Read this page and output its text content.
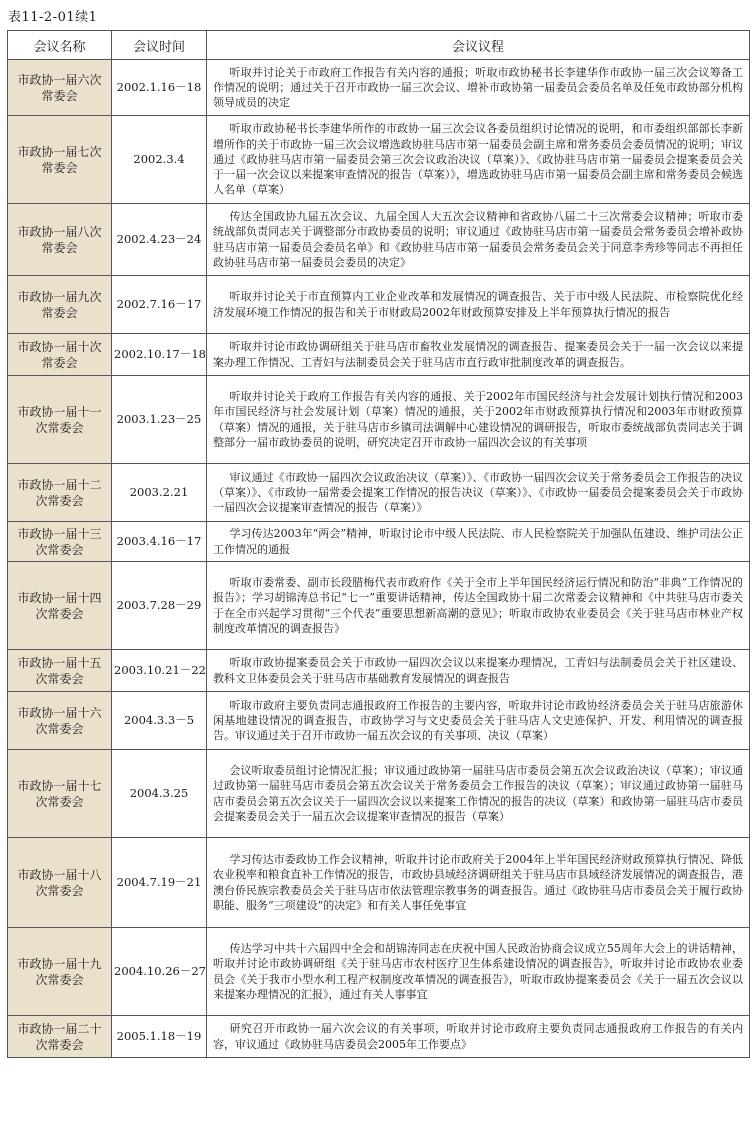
表11-2-01续1
会议名称	会议时间	会议议程
市政协一届六次常委会	2002.1.16－18	听取并讨论关于市政府工作报告有关内容的通报；听取市政协秘书长李建华作市政协一届三次会议筹备工作情况的说明；通过关于召开市政协一届三次会议、增补市政协第一届委员会委员名单及任免市政协部分机构领导成员的决定
市政协一届七次常委会	2002.3.4	听取市政协秘书长李建华所作的市政协一届三次会议各委员组织讨论情况的说明，和市委组织部部长李新增所作的关于市政协一届三次会议增选政协驻马店市第一届委员会副主席和常务委员会委员情况的说明；审议通过《政协驻马店市第一届委员会第三次会议政治决议（草案）》、《政协驻马店市第一届委员会提案委员会关于一届一次会议以来提案审查情况的报告（草案）》，增选政协驻马店市第一届委员会副主席和常务委员会候选人名单（草案）
市政协一届八次常委会	2002.4.23－24	传达全国政协九届五次会议、九届全国人大五次会议精神和省政协八届二十三次常委会议精神；听取市委统战部负责同志关于调整部分市政协委员的说明；审议通过《政协驻马店市第一届委员会常务委员会增补政协驻马店市第一届委员会委员名单》和《政协驻马店市第一届委员会常务委员会关于同意李秀珍等同志不再担任政协驻马店市第一届委员会委员的决定》
市政协一届九次常委会	2002.7.16－17	听取并讨论关于市直预算内工业企业改革和发展情况的调查报告、关于市中级人民法院、市检察院优化经济发展环境工作情况的报告和关于市财政局2002年财政预算安排及上半年预算执行情况的报告
市政协一届十次常委会	2002.10.17－18	听取并讨论市政协调研组关于驻马店市畜牧业发展情况的调查报告、提案委员会关于一届一次会议以来提案办理工作情况、工青妇与法制委员会关于驻马店市直行政审批制度改革的调查报告。
市政协一届十一次常委会	2003.1.23－25	听取并讨论关于政府工作报告有关内容的通报、关于2002年市国民经济与社会发展计划执行情况和2003年市国民经济与社会发展计划（草案）情况的通报，关于2002年市财政预算执行情况和2003年市财政预算（草案）情况的通报，关于驻马店市乡镇司法调解中心建设情况的调研报告，听取市委统战部负责同志关于调整部分一届市政协委员的说明，研究决定召开市政协一届四次会议的有关事项
市政协一届十二次常委会	2003.2.21	审议通过《市政协一届四次会议政治决议（草案）》、《市政协一届四次会议关于常务委员会工作报告的决议（草案）》、《市政协一届常委会提案工作情况的报告决议（草案）》、《市政协一届委员会提案委员会关于市政协一届四次会议提案审查情况的报告（草案）》
市政协一届十三次常委会	2003.4.16－17	学习传达2003年“两会”精神，听取讨论市中级人民法院、市人民检察院关于加强队伍建设、维护司法公正工作情况的通报
市政协一届十四次常委会	2003.7.28－29	听取市委常委、副市长段腊梅代表市政府作《关于全市上半年国民经济运行情况和防治“非典”工作情况的报告》；学习胡锦涛总书记“七一”重要讲话精神，传达全国政协十届二次常委会议精神和《中共驻马店市委关于在全市兴起学习贯彻“三个代表”重要思想新高潮的意见》；听取市政协农业委员会《关于驻马店市林业产权制度改革情况的调查报告》
市政协一届十五次常委会	2003.10.21－22	听取市政协提案委员会关于市政协一届四次会议以来提案办理情况，工青妇与法制委员会关于社区建设、教科文卫体委员会关于驻马店市基础教育发展情况的调查报告
市政协一届十六次常委会	2004.3.3－5	听取市政府主要负责同志通报政府工作报告的主要内容，听取并讨论市政协经济委员会关于驻马店旅游休闲基地建设情况的调查报告，市政协学习与文史委员会关于驻马店人文史迹保护、开发、利用情况的调查报告。审议通过关于召开市政协一届五次会议的有关事项、决议（草案）
市政协一届十七次常委会	2004.3.25	会议听取委员组讨论情况汇报；审议通过政协第一届驻马店市委员会第五次会议政治决议（草案）；审议通过政协第一届驻马店市委员会第五次会议关于常务委员会工作报告的决议（草案）；审议通过政协第一届驻马店市委员会第五次会议关于一届四次会议以来提案工作情况的报告的决议（草案）和政协第一届驻马店市委员会提案委员会关于一届五次会议提案审查情况的报告（草案）
市政协一届十八次常委会	2004.7.19－21	学习传达市委政协工作会议精神，听取并讨论市政府关于2004年上半年国民经济财政预算执行情况、降低农业税率和粮食直补工作情况的报告，市政协县域经济调研组关于驻马店市县域经济发展情况的调查报告，港澳台侨民族宗教委员会关于驻马店市依法管理宗教事务的调查报告。通过《政协驻马店市委员会关于履行政协职能、服务“三项建设”的决定》和有关人事任免事宜
市政协一届十九次常委会	2004.10.26－27	传达学习中共十六届四中全会和胡锦涛同志在庆祝中国人民政治协商会议成立55周年大会上的讲话精神，听取并讨论市政协调研组《关于驻马店市农村医疗卫生体系建设情况的调查报告》，听取并讨论市政协农业委员会《关于我市小型水利工程产权制度改革情况的调查报告》，听取市政协提案委员会《关于一届五次会议以来提案办理情况的汇报》，通过有关人事事宜
市政协一届二十次常委会	2005.1.18－19	研究召开市政协一届六次会议的有关事项，听取并讨论市政府主要负责同志通报政府工作报告的有关内容，审议通过《政协驻马店委员会2005年工作要点》
